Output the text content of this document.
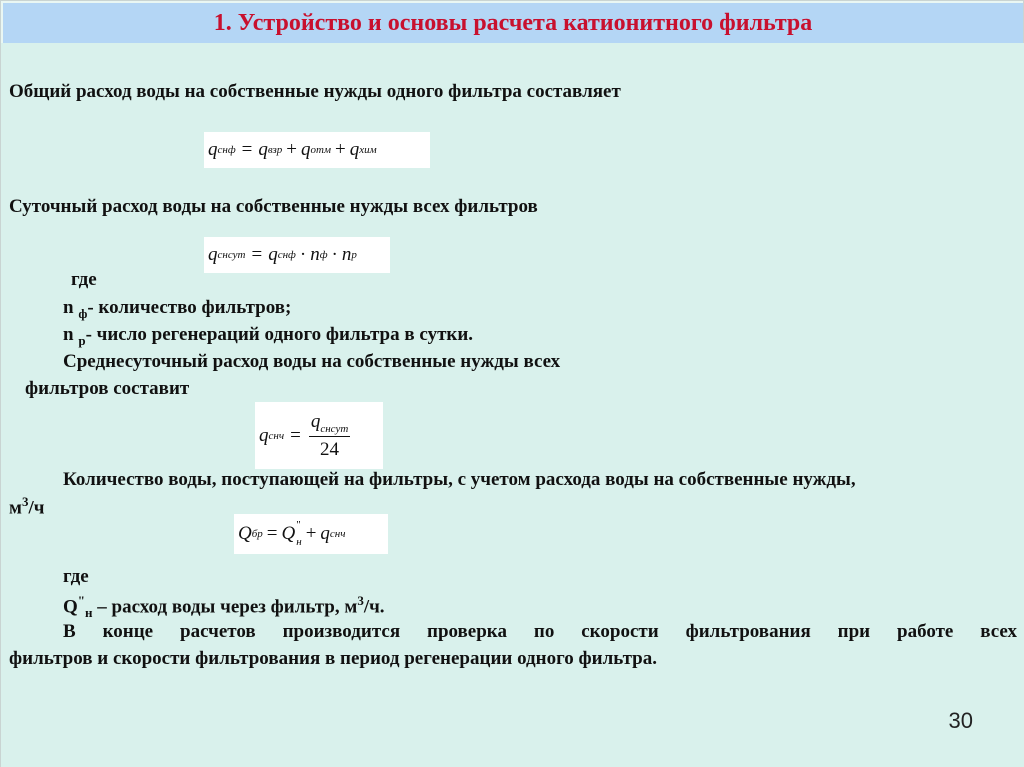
1. Устройство и основы расчета катионитного фильтра
Общий расход воды на собственные нужды одного фильтра составляет
q снф = q взр + q отм + q хим
Суточный расход воды на собственные нужды всех фильтров
q снсут = q снф · n ф · n р
где
n $_ф$- количество фильтров;
n $_р$- число регенераций одного фильтра в сутки.
Среднесуточный расход воды на собственные нужды всех
фильтров составит
q снч = $\frac{q_{снсут}}{24}$
Количество воды, поступающей на фильтры, с учетом расхода воды на собственные нужды,
$м^3/ч$
Q бр = Q "
н + q снч
где
$Q^"_н$ – расход воды через фильтр, $м^3/ч$.
В конце расчетов производится проверка по скорости фильтрования при работе всех
фильтров и скорости фильтрования в период регенерации одного фильтра.
30
